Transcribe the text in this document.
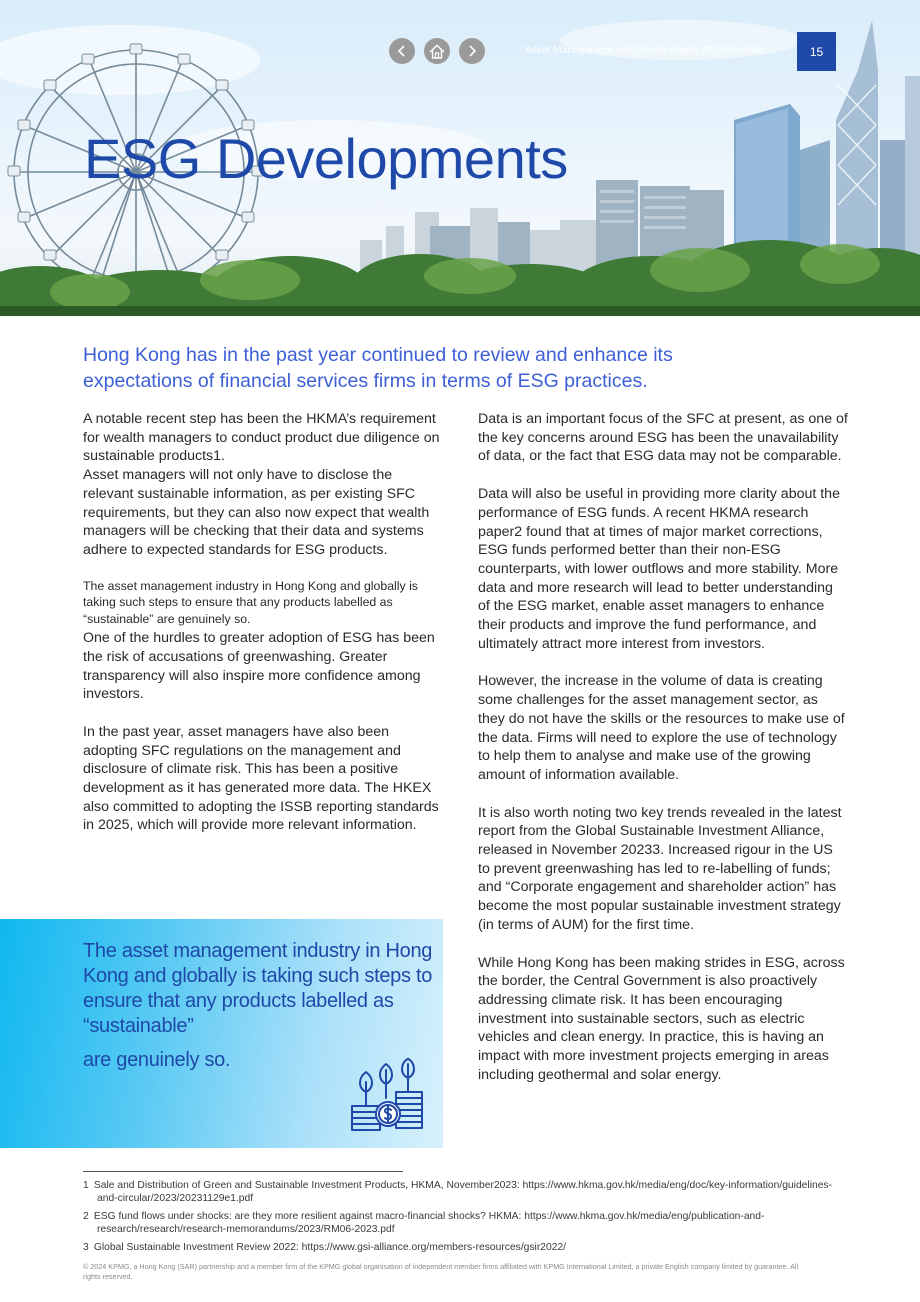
Asset Management and Private Equity 2024 Outlook	15
ESG Developments
Hong Kong has in the past year continued to review and enhance its expectations of financial services firms in terms of ESG practices.

A notable recent step has been the HKMA’s requirement for wealth managers to conduct product due diligence on sustainable products1.

Asset managers will not only have to disclose the relevant sustainable information, as per existing SFC requirements, but they can also now expect that wealth managers will be checking that their data and systems adhere to expected standards for ESG products.

The asset management industry in Hong Kong and globally is taking such steps to ensure that any products labelled as “sustainable” are genuinely so.

One of the hurdles to greater adoption of ESG has been the risk of accusations of greenwashing. Greater transparency will also inspire more confidence among investors.

In the past year, asset managers have also been adopting SFC regulations on the management and disclosure of climate risk. This has been a positive development as it has generated more data. The HKEX also committed to adopting the ISSB reporting standards in 2025, which will provide more relevant information.

Data is an important focus of the SFC at present, as one of the key concerns around ESG has been the unavailability of data, or the fact that ESG data may not be comparable.

Data will also be useful in providing more clarity about the performance of ESG funds. A recent HKMA research paper2 found that at times of major market corrections, ESG funds performed better than their non-ESG counterparts, with lower outflows and more stability. More data and more research will lead to better understanding of the ESG market, enable asset managers to enhance their products and improve the fund performance, and ultimately attract more interest from investors.

However, the increase in the volume of data is creating some challenges for the asset management sector, as they do not have the skills or the resources to make use of the data. Firms will need to explore the use of technology to help them to analyse and make use of the growing amount of information available.

It is also worth noting two key trends revealed in the latest report from the Global Sustainable Investment Alliance, released in November 20233. Increased rigour in the US to prevent greenwashing has led to re-labelling of funds; and “Corporate engagement and shareholder action” has become the most popular sustainable investment strategy (in terms of AUM) for the first time.

While Hong Kong has been making strides in ESG, across the border, the Central Government is also proactively addressing climate risk. It has been encouraging investment into sustainable sectors, such as electric vehicles and clean energy. In practice, this is having an impact with more investment projects emerging in areas including geothermal and solar energy.

The asset management industry in Hong Kong and globally is taking such steps to ensure that any products labelled as “sustainable”
are genuinely so.
1 Sale and Distribution of Green and Sustainable Investment Products, HKMA, November2023: https://www.hkma.gov.hk/media/eng/doc/key-information/guidelines-and-circular/2023/20231129e1.pdf
2 ESG fund flows under shocks: are they more resilient against macro-financial shocks? HKMA: https://www.hkma.gov.hk/media/eng/publication-and-research/research/research-memorandums/2023/RM06-2023.pdf
3 Global Sustainable Investment Review 2022: https://www.gsi-alliance.org/members-resources/gsir2022/
© 2024 KPMG, a Hong Kong (SAR) partnership and a member firm of the KPMG global organisation of independent member firms affiliated with KPMG International Limited, a private English company limited by guarantee. All rights reserved.
